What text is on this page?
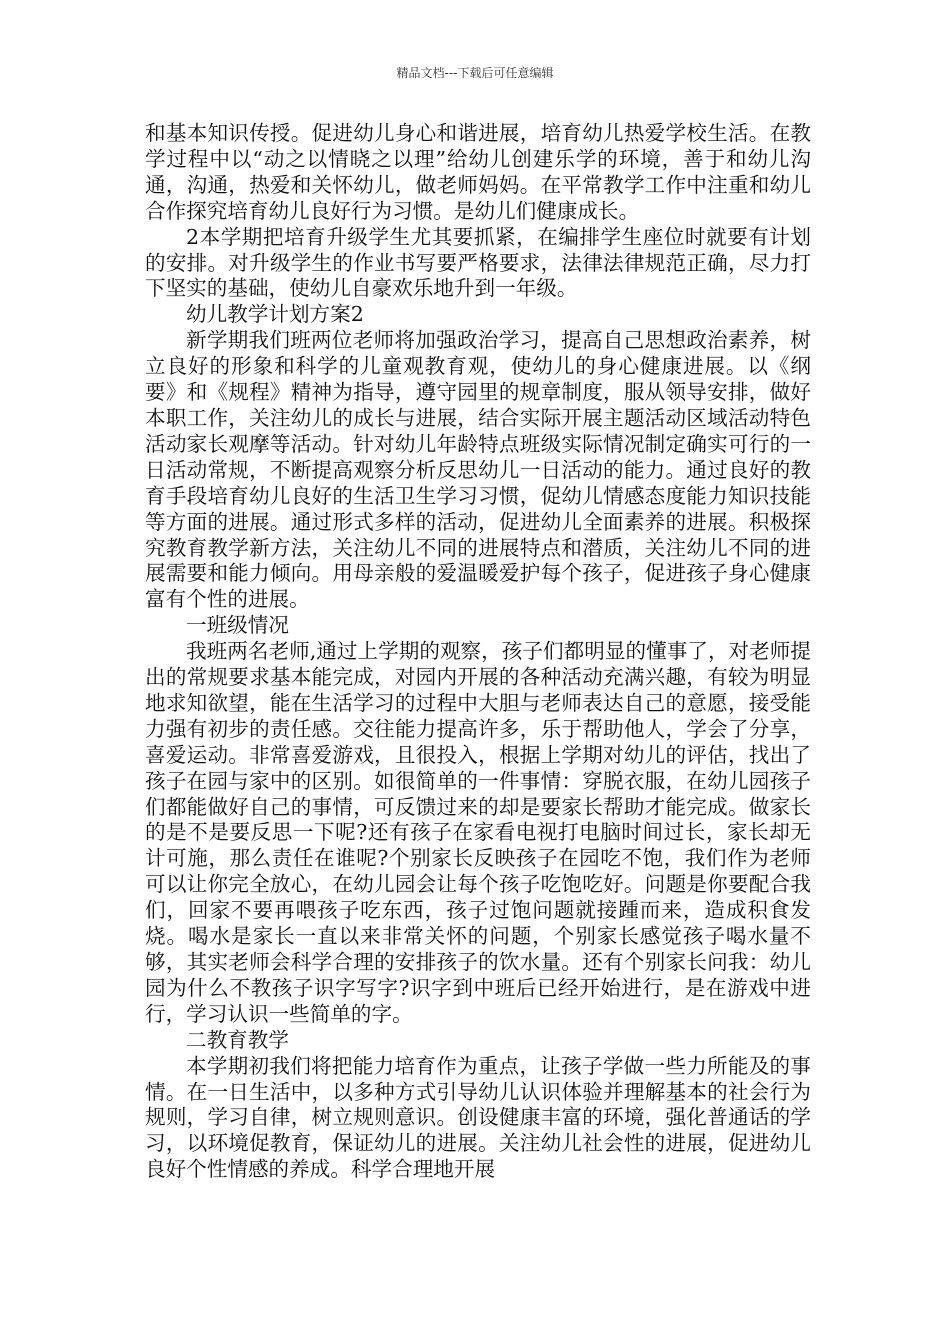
精品文档---下载后可任意编辑

和基本知识传授。促进幼儿身心和谐进展，培育幼儿热爱学校生活。在教学过程中以“动之以情晓之以理”给幼儿创建乐学的环境，善于和幼儿沟通，沟通，热爱和关怀幼儿，做老师妈妈。在平常教学工作中注重和幼儿合作探究培育幼儿良好行为习惯。是幼儿们健康成长。

2本学期把培育升级学生尤其要抓紧，在编排学生座位时就要有计划的安排。对升级学生的作业书写要严格要求，法律法律规范正确，尽力打下坚实的基础，使幼儿自豪欢乐地升到一年级。

幼儿教学计划方案2

新学期我们班两位老师将加强政治学习，提高自己思想政治素养，树立良好的形象和科学的儿童观教育观，使幼儿的身心健康进展。以《纲要》和《规程》精神为指导，遵守园里的规章制度，服从领导安排，做好本职工作，关注幼儿的成长与进展，结合实际开展主题活动区域活动特色活动家长观摩等活动。针对幼儿年龄特点班级实际情况制定确实可行的一日活动常规，不断提高观察分析反思幼儿一日活动的能力。通过良好的教育手段培育幼儿良好的生活卫生学习习惯，促幼儿情感态度能力知识技能等方面的进展。通过形式多样的活动，促进幼儿全面素养的进展。积极探究教育教学新方法，关注幼儿不同的进展特点和潜质，关注幼儿不同的进展需要和能力倾向。用母亲般的爱温暖爱护每个孩子，促进孩子身心健康富有个性的进展。

一班级情况

我班两名老师,通过上学期的观察，孩子们都明显的懂事了，对老师提出的常规要求基本能完成，对园内开展的各种活动充满兴趣，有较为明显地求知欲望，能在生活学习的过程中大胆与老师表达自己的意愿，接受能力强有初步的责任感。交往能力提高许多，乐于帮助他人，学会了分享，喜爱运动。非常喜爱游戏，且很投入，根据上学期对幼儿的评估，找出了孩子在园与家中的区别。如很简单的一件事情：穿脱衣服，在幼儿园孩子们都能做好自己的事情，可反馈过来的却是要家长帮助才能完成。做家长的是不是要反思一下呢?还有孩子在家看电视打电脑时间过长，家长却无计可施，那么责任在谁呢?个别家长反映孩子在园吃不饱，我们作为老师可以让你完全放心，在幼儿园会让每个孩子吃饱吃好。问题是你要配合我们，回家不要再喂孩子吃东西，孩子过饱问题就接踵而来，造成积食发烧。喝水是家长一直以来非常关怀的问题，个别家长感觉孩子喝水量不够，其实老师会科学合理的安排孩子的饮水量。还有个别家长问我：幼儿园为什么不教孩子识字写字?识字到中班后已经开始进行，是在游戏中进行，学习认识一些简单的字。

二教育教学

本学期初我们将把能力培育作为重点，让孩子学做一些力所能及的事情。在一日生活中，以多种方式引导幼儿认识体验并理解基本的社会行为规则，学习自律，树立规则意识。创设健康丰富的环境，强化普通话的学习，以环境促教育，保证幼儿的进展。关注幼儿社会性的进展，促进幼儿良好个性情感的养成。科学合理地开展
